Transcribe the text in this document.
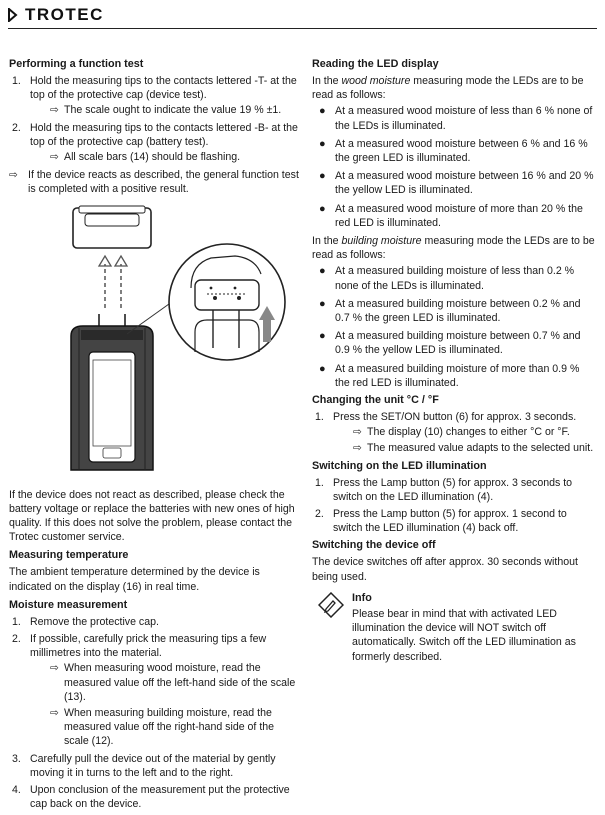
TROTEC
Performing a function test
1. Hold the measuring tips to the contacts lettered -T- at the top of the protective cap (device test).
⇨ The scale ought to indicate the value 19 % ±1.
2. Hold the measuring tips to the contacts lettered -B- at the top of the protective cap (battery test).
⇨ All scale bars (14) should be flashing.
⇨ If the device reacts as described, the general function test is completed with a positive result.
SET/ON LAMP

If the device does not react as described, please check the battery voltage or replace the batteries with new ones of high quality. If this does not solve the problem, please contact the Trotec customer service.

Measuring temperature

The ambient temperature determined by the device is indicated on the display (16) in real time.

Moisture measurement
1. Remove the protective cap.
2. If possible, carefully prick the measuring tips a few millimetres into the material.
⇨ When measuring wood moisture, read the measured value off the left-hand side of the scale (13).
⇨ When measuring building moisture, read the measured value off the right-hand side of the scale (12).
3. Carefully pull the device out of the material by gently moving it in turns to the left and to the right.
4. Upon conclusion of the measurement put the protective cap back on the device.
Reading the LED display

In the wood moisture measuring mode the LEDs are to be read as follows:

● At a measured wood moisture of less than 6 % none of the LEDs is illuminated.
● At a measured wood moisture between 6 % and 16 % the green LED is illuminated.
● At a measured wood moisture between 16 % and 20 % the yellow LED is illuminated.
● At a measured wood moisture of more than 20 % the red LED is illuminated.

In the building moisture measuring mode the LEDs are to be read as follows:

● At a measured building moisture of less than 0.2 % none of the LEDs is illuminated.
● At a measured building moisture between 0.2 % and 0.7 % the green LED is illuminated.
● At a measured building moisture between 0.7 % and 0.9 % the yellow LED is illuminated.
● At a measured building moisture of more than 0.9 % the red LED is illuminated.
Changing the unit °C / °F
1. Press the SET/ON button (6) for approx. 3 seconds.
⇨ The display (10) changes to either °C or °F.
⇨ The measured value adapts to the selected unit.
Switching on the LED illumination
1. Press the Lamp button (5) for approx. 3 seconds to switch on the LED illumination (4).
2. Press the Lamp button (5) for approx. 1 second to switch the LED illumination (4) back off.
Switching the device off

The device switches off after approx. 30 seconds without being used.

Info

Please bear in mind that with activated LED illumination the device will NOT switch off automatically. Switch off the LED illumination as formerly described.
